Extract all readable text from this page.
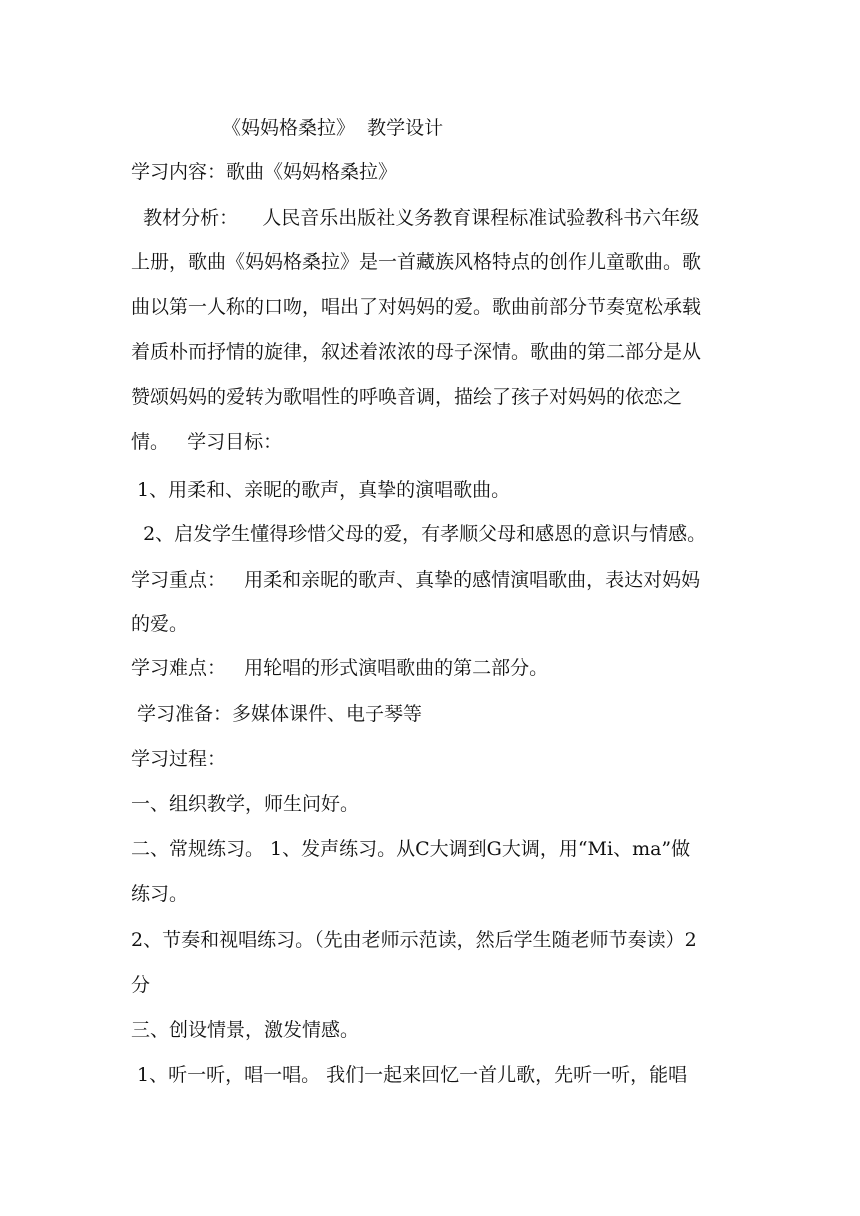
《妈妈格桑拉》  教学设计
学习内容：歌曲《妈妈格桑拉》
教材分析：    人民音乐出版社义务教育课程标准试验教科书六年级
上册，歌曲《妈妈格桑拉》是一首藏族风格特点的创作儿童歌曲。歌
曲以第一人称的口吻，唱出了对妈妈的爱。歌曲前部分节奏宽松承载
着质朴而抒情的旋律，叙述着浓浓的母子深情。歌曲的第二部分是从
赞颂妈妈的爱转为歌唱性的呼唤音调，描绘了孩子对妈妈的依恋之
情。   学习目标：
1、用柔和、亲昵的歌声，真挚的演唱歌曲。
2、启发学生懂得珍惜父母的爱，有孝顺父母和感恩的意识与情感。
学习重点：   用柔和亲昵的歌声、真挚的感情演唱歌曲，表达对妈妈
的爱。
学习难点：   用轮唱的形式演唱歌曲的第二部分。
学习准备：多媒体课件、电子琴等
学习过程：
一、组织教学，师生问好。
二、常规练习。 1、发声练习。从C大调到G大调，用“Mi、ma”做
练习。
2、节奏和视唱练习。（先由老师示范读，然后学生随老师节奏读）2
分
三、创设情景，激发情感。
1、听一听，唱一唱。 我们一起来回忆一首儿歌，先听一听，能唱
